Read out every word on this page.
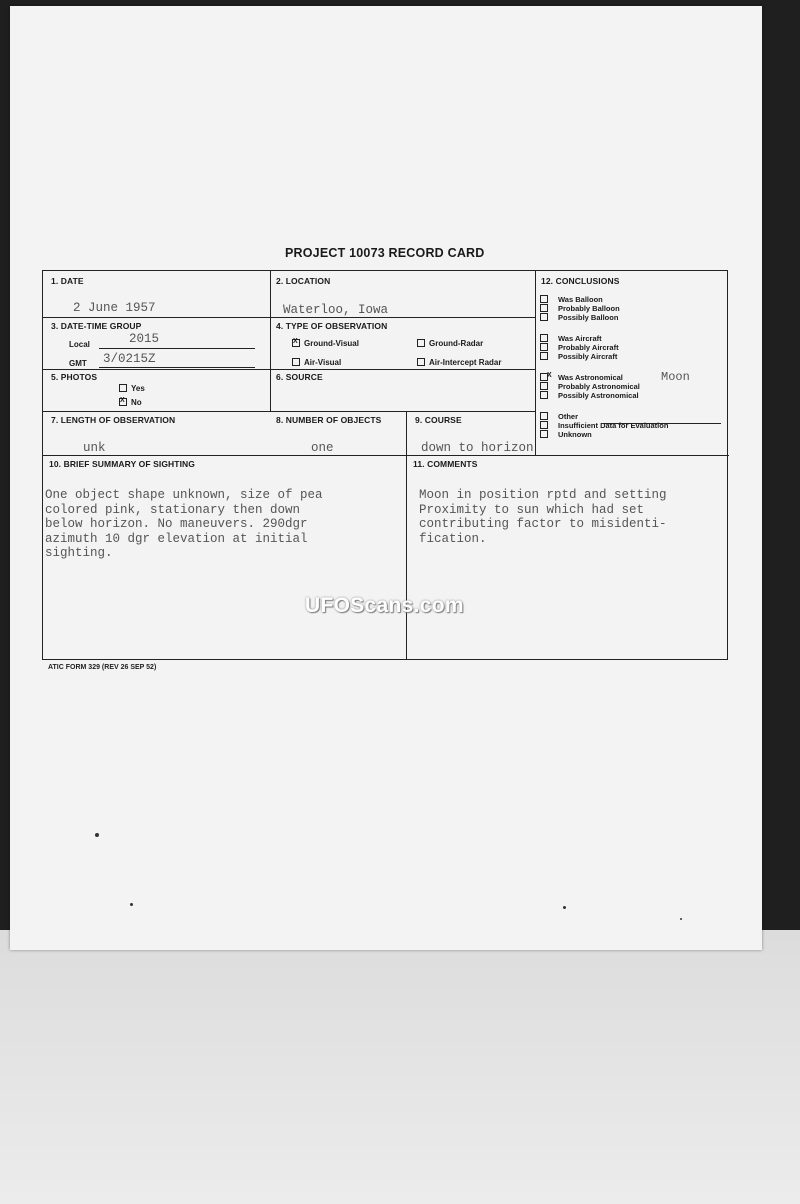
PROJECT 10073 RECORD CARD
1. DATE
2 June 1957
2. LOCATION
Waterloo, Iowa
3. DATE-TIME GROUP
Local	2015
GMT 3/0215Z
4. TYPE OF OBSERVATION
X Ground-Visual	Ground-Radar
Air-Visual	Air-Intercept Radar
5. PHOTOS
Yes
X No
6. SOURCE
7. LENGTH OF OBSERVATION
unk
8. NUMBER OF OBJECTS
one
9. COURSE
down to horizon
10. BRIEF SUMMARY OF SIGHTING
One object shape unknown, size of pea
colored pink, stationary then down
below horizon. No maneuvers. 290dgr
azimuth 10 dgr elevation at initial
sighting.
11. COMMENTS
Moon in position rptd and setting
Proximity to sun which had set
contributing factor to misidenti-
fication.
12. CONCLUSIONS
Was Balloon
Probably Balloon
Possibly Balloon
Was Aircraft
Probably Aircraft
Possibly Aircraft
X Was Astronomical
Probably Astronomical
Possibly Astronomical
Other
Insufficient Data for Evaluation
Unknown
Moon
ATIC FORM 329 (REV 26 SEP 52)
UFOScans.com
